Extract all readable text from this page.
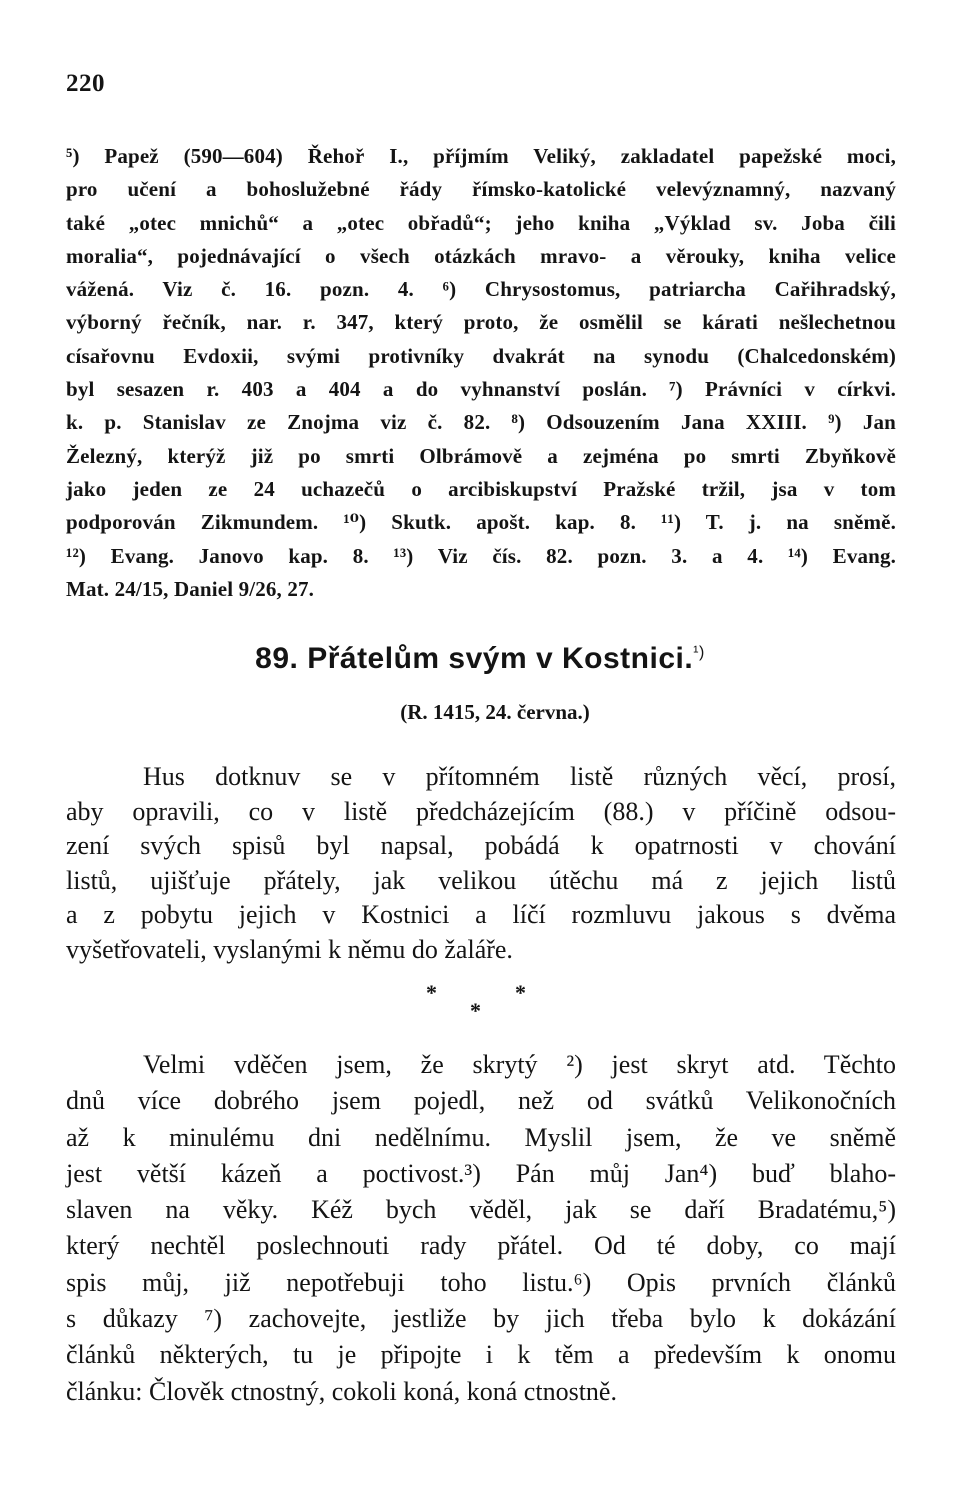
220
⁵) Papež (590—604) Řehoř I., příjmím Veliký, zakladatel papežské moci,
pro učení a bohoslužebné řády římsko-katolické velevýznamný, nazvaný
také „otec mnichů“ a „otec obřadů“; jeho kniha „Výklad sv. Joba čili
moralia“, pojednávající o všech otázkách mravo- a věrouky, kniha velice
vážená. Viz č. 16. pozn. 4. ⁶) Chrysostomus, patriarcha Cařihradský,
výborný řečník, nar. r. 347, který proto, že osmělil se kárati nešlechetnou
císařovnu Evdoxii, svými protivníky dvakrát na synodu (Chalcedonském)
byl sesazen r. 403 a 404 a do vyhnanství poslán. ⁷) Právníci v církvi.
k. p. Stanislav ze Znojma viz č. 82. ⁸) Odsouzením Jana XXIII. ⁹) Jan
Železný, kterýž již po smrti Olbrámově a zejména po smrti Zbyňkově
jako jeden ze 24 uchazečů o arcibiskupství Pražské tržil, jsa v tom
podporován Zikmundem. ¹⁰) Skutk. apošt. kap. 8. ¹¹) T. j. na sněmě.
¹²) Evang. Janovo kap. 8. ¹³) Viz čís. 82. pozn. 3. a 4. ¹⁴) Evang.
Mat. 24/15, Daniel 9/26, 27.
89. Přátelům svým v Kostnici.$^{^1)}$
(R. 1415, 24. června.)
Hus dotknuv se v přítomném listě různých věcí, prosí,
aby opravili, co v listě předcházejícím (88.) v příčině odsou-
zení svých spisů byl napsal, pobádá k opatrnosti v chování
listů, ujišťuje přátely, jak velikou útěchu má z jejich listů
a z pobytu jejich v Kostnici a líčí rozmluvu jakous s dvěma
vyšetřovateli, vyslanými k němu do žaláře.
*	*
*
Velmi vděčen jsem, že skrytý ²) jest skryt atd. Těchto
dnů více dobrého jsem pojedl, než od svátků Velikonočních
až k minulému dni nedělnímu. Myslil jsem, že ve sněmě
jest větší kázeň a poctivost.³) Pán můj Jan⁴) buď blaho-
slaven na věky. Kéž bych věděl, jak se daří Bradatému,⁵)
který nechtěl poslechnouti rady přátel. Od té doby, co mají
spis můj, již nepotřebuji toho listu.⁶) Opis prvních článků
s důkazy ⁷) zachovejte, jestliže by jich třeba bylo k dokázání
článků některých, tu je připojte i k těm a především k onomu
článku: Člověk ctnostný, cokoli koná, koná ctnostně.
